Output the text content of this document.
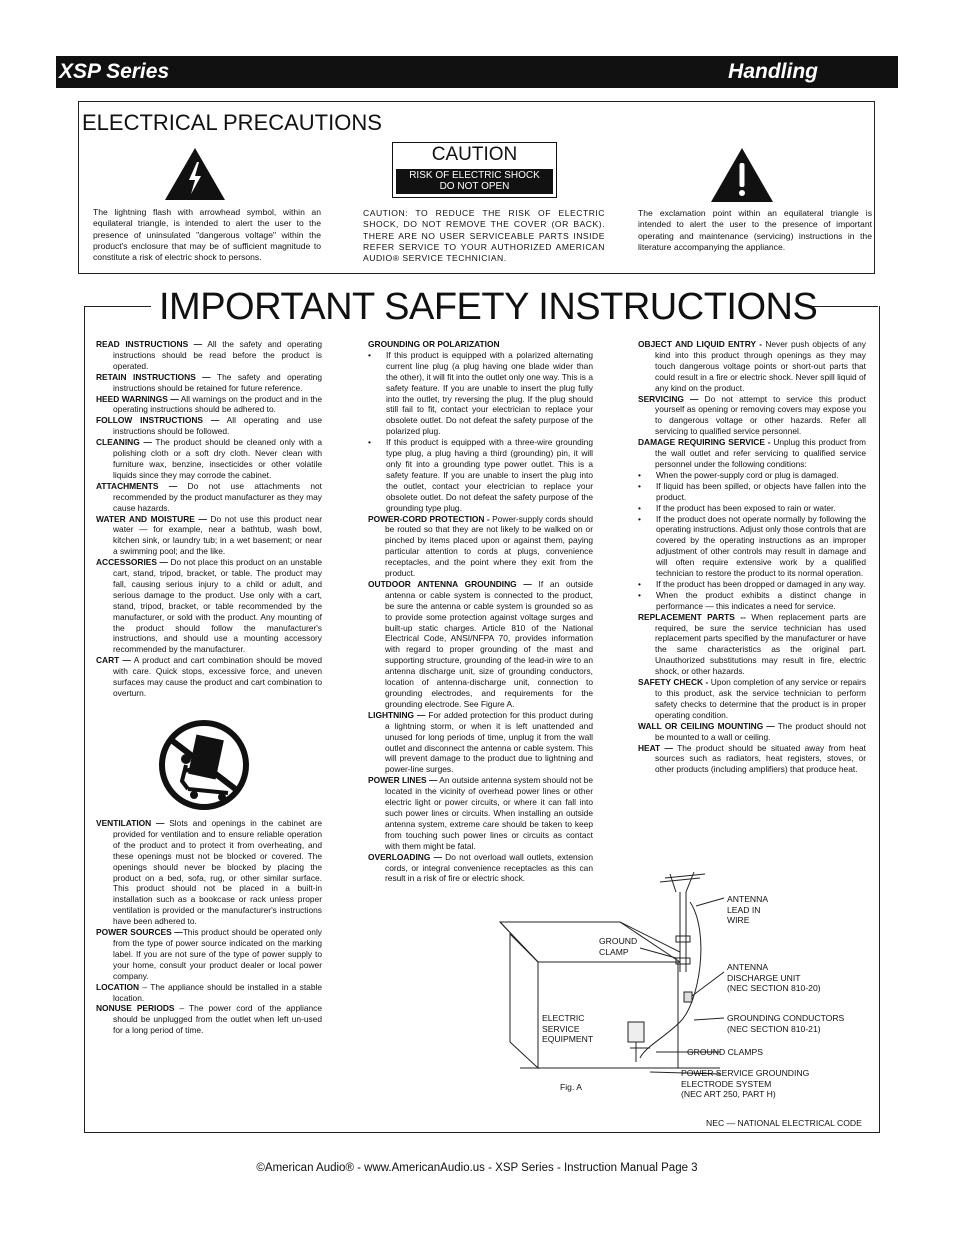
XSP Series	Handling
ELECTRICAL PRECAUTIONS
CAUTION
RISK OF ELECTRIC SHOCK
DO NOT OPEN
The lightning flash with arrowhead symbol, within an equilateral triangle, is intended to alert the user to the presence of uninsulated "dangerous voltage" within the product's enclosure that may be of sufficient magnitude to constitute a risk of electric shock to persons.
CAUTION: TO REDUCE THE RISK OF ELECTRIC SHOCK, DO NOT REMOVE THE COVER (OR BACK). THERE ARE NO USER SERVICEABLE PARTS INSIDE REFER SERVICE TO YOUR AUTHORIZED AMERICAN AUDIO® SERVICE TECHNICIAN.
The exclamation point within an equilateral triangle is intended to alert the user to the presence of important operating and maintenance (servicing) instructions in the literature accompanying the appliance.
IMPORTANT SAFETY INSTRUCTIONS

READ INSTRUCTIONS — All the safety and operating instructions should be read before the product is operated.

RETAIN INSTRUCTIONS — The safety and operating instructions should be retained for future reference.

HEED WARNINGS — All warnings on the product and in the operating instructions should be adhered to.

FOLLOW INSTRUCTIONS — All operating and use instructions should be followed.

CLEANING — The product should be cleaned only with a polishing cloth or a soft dry cloth. Never clean with furniture wax, benzine, insecticides or other volatile liquids since they may corrode the cabinet.

ATTACHMENTS — Do not use attachments not recommended by the product manufacturer as they may cause hazards.

WATER AND MOISTURE — Do not use this product near water — for example, near a bathtub, wash bowl, kitchen sink, or laundry tub; in a wet basement; or near a swimming pool; and the like.

ACCESSORIES — Do not place this product on an unstable cart, stand, tripod, bracket, or table. The product may fall, causing serious injury to a child or adult, and serious damage to the product. Use only with a cart, stand, tripod, bracket, or table recommended by the manufacturer, or sold with the product. Any mounting of the product should follow the manufacturer's instructions, and should use a mounting accessory recommended by the manufacturer.

CART — A product and cart combination should be moved with care. Quick stops, excessive force, and uneven surfaces may cause the product and cart combination to overturn.

VENTILATION — Slots and openings in the cabinet are provided for ventilation and to ensure reliable operation of the product and to protect it from overheating, and these openings must not be blocked or covered. The openings should never be blocked by placing the product on a bed, sofa, rug, or other similar surface. This product should not be placed in a built-in installation such as a bookcase or rack unless proper ventilation is provided or the manufacturer's instructions have been adhered to.

POWER SOURCES —This product should be operated only from the type of power source indicated on the marking label. If you are not sure of the type of power supply to your home, consult your product dealer or local power company.

LOCATION – The appliance should be installed in a stable location.

NONUSE PERIODS – The power cord of the appliance should be unplugged from the outlet when left un-used for a long period of time.

GROUNDING OR POLARIZATION

• If this product is equipped with a polarized alternating current line plug (a plug having one blade wider than the other), it will fit into the outlet only one way. This is a safety feature. If you are unable to insert the plug fully into the outlet, try reversing the plug. If the plug should still fail to fit, contact your electrician to replace your obsolete outlet. Do not defeat the safety purpose of the polarized plug.
• If this product is equipped with a three-wire grounding type plug, a plug having a third (grounding) pin, it will only fit into a grounding type power outlet. This is a safety feature. If you are unable to insert the plug into the outlet, contact your electrician to replace your obsolete outlet. Do not defeat the safety purpose of the grounding type plug.

POWER-CORD PROTECTION - Power-supply cords should be routed so that they are not likely to be walked on or pinched by items placed upon or against them, paying particular attention to cords at plugs, convenience receptacles, and the point where they exit from the product.

OUTDOOR ANTENNA GROUNDING — If an outside antenna or cable system is connected to the product, be sure the antenna or cable system is grounded so as to provide some protection against voltage surges and built-up static charges. Article 810 of the National Electrical Code, ANSI/NFPA 70, provides information with regard to proper grounding of the mast and supporting structure, grounding of the lead-in wire to an antenna discharge unit, size of grounding conductors, location of antenna-discharge unit, connection to grounding electrodes, and requirements for the grounding electrode. See Figure A.

LIGHTNING — For added protection for this product during a lightning storm, or when it is left unattended and unused for long periods of time, unplug it from the wall outlet and disconnect the antenna or cable system. This will prevent damage to the product due to lightning and power-line surges.

POWER LINES — An outside antenna system should not be located in the vicinity of overhead power lines or other electric light or power circuits, or where it can fall into such power lines or circuits. When installing an outside antenna system, extreme care should be taken to keep from touching such power lines or circuits as contact with them might be fatal.

OVERLOADING — Do not overload wall outlets, extension cords, or integral convenience receptacles as this can result in a risk of fire or electric shock.

OBJECT AND LIQUID ENTRY - Never push objects of any kind into this product through openings as they may touch dangerous voltage points or short-out parts that could result in a fire or electric shock. Never spill liquid of any kind on the product.

SERVICING — Do not attempt to service this product yourself as opening or removing covers may expose you to dangerous voltage or other hazards. Refer all servicing to qualified service personnel.

DAMAGE REQUIRING SERVICE - Unplug this product from the wall outlet and refer servicing to qualified service personnel under the following conditions:

• When the power-supply cord or plug is damaged.
• If liquid has been spilled, or objects have fallen into the product.
• If the product has been exposed to rain or water.
• If the product does not operate normally by following the operating instructions. Adjust only those controls that are covered by the operating instructions as an improper adjustment of other controls may result in damage and will often require extensive work by a qualified technician to restore the product to its normal operation.
• If the product has been dropped or damaged in any way.
• When the product exhibits a distinct change in performance — this indicates a need for service.

REPLACEMENT PARTS -- When replacement parts are required, be sure the service technician has used replacement parts specified by the manufacturer or have the same characteristics as the original part. Unauthorized substitutions may result in fire, electric shock, or other hazards.

SAFETY CHECK - Upon completion of any service or repairs to this product, ask the service technician to perform safety checks to determine that the product is in proper operating condition.

WALL OR CEILING MOUNTING — The product should not be mounted to a wall or ceiling.

HEAT — The product should be situated away from heat sources such as radiators, heat registers, stoves, or other products (including amplifiers) that produce heat.

ANTENNA
LEAD IN
WIRE
GROUND
CLAMP
ANTENNA
DISCHARGE UNIT
(NEC SECTION 810-20)
ELECTRIC
SERVICE
EQUIPMENT
GROUNDING CONDUCTORS
(NEC SECTION 810-21)
GROUND CLAMPS
POWER SERVICE GROUNDING
ELECTRODE SYSTEM
(NEC ART 250, PART H)
Fig. A
NEC — NATIONAL ELECTRICAL CODE
©American Audio® - www.AmericanAudio.us - XSP Series - Instruction Manual Page 3
